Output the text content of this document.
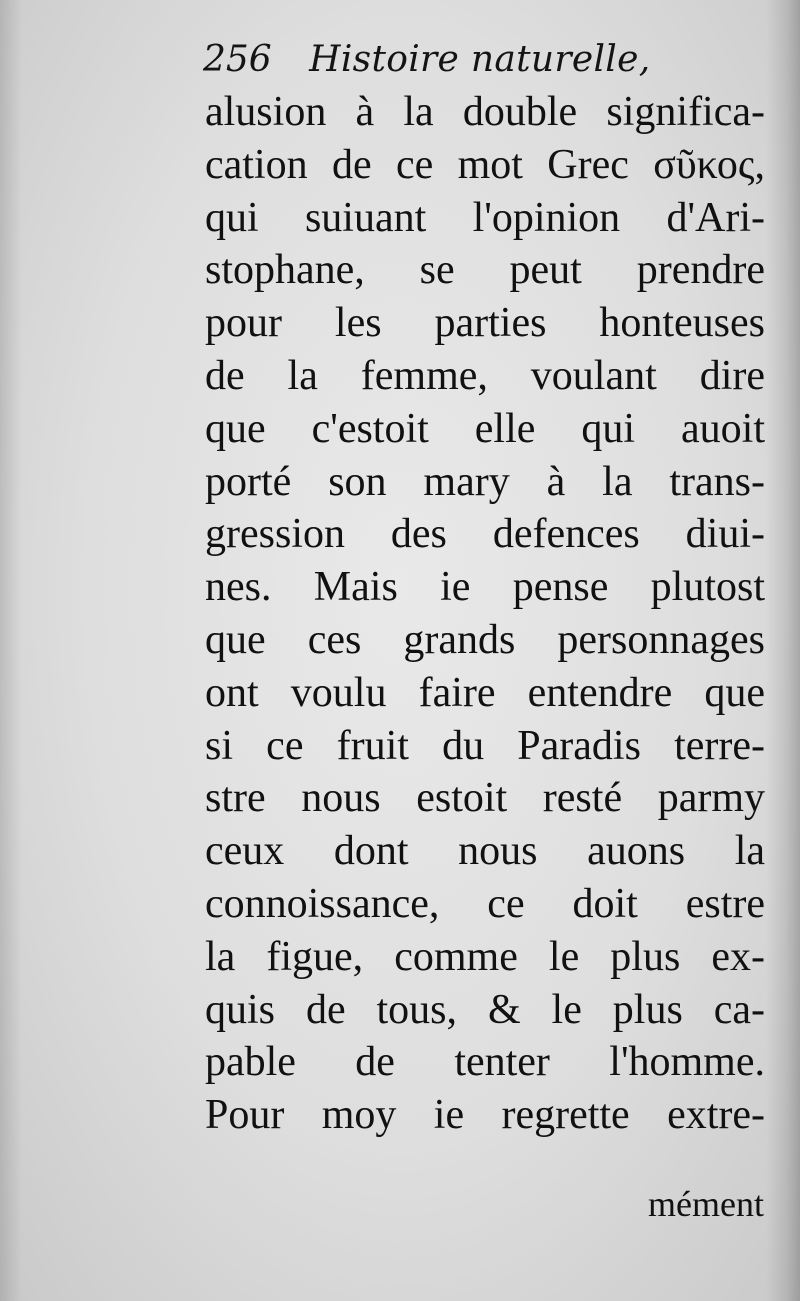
256 Histoire naturelle,
alusion à la double significa-
cation de ce mot Grec σῦκος,
qui suiuant l'opinion d'Ari-
stophane, se peut prendre
pour les parties honteuses
de la femme, voulant dire
que c'estoit elle qui auoit
porté son mary à la trans-
gression des defences diui-
nes. Mais ie pense plutost
que ces grands personnages
ont voulu faire entendre que
si ce fruit du Paradis terre-
stre nous estoit resté parmy
ceux dont nous auons la
connoissance, ce doit estre
la figue, comme le plus ex-
quis de tous, & le plus ca-
pable de tenter l'homme.
Pour moy ie regrette extre-
mément
